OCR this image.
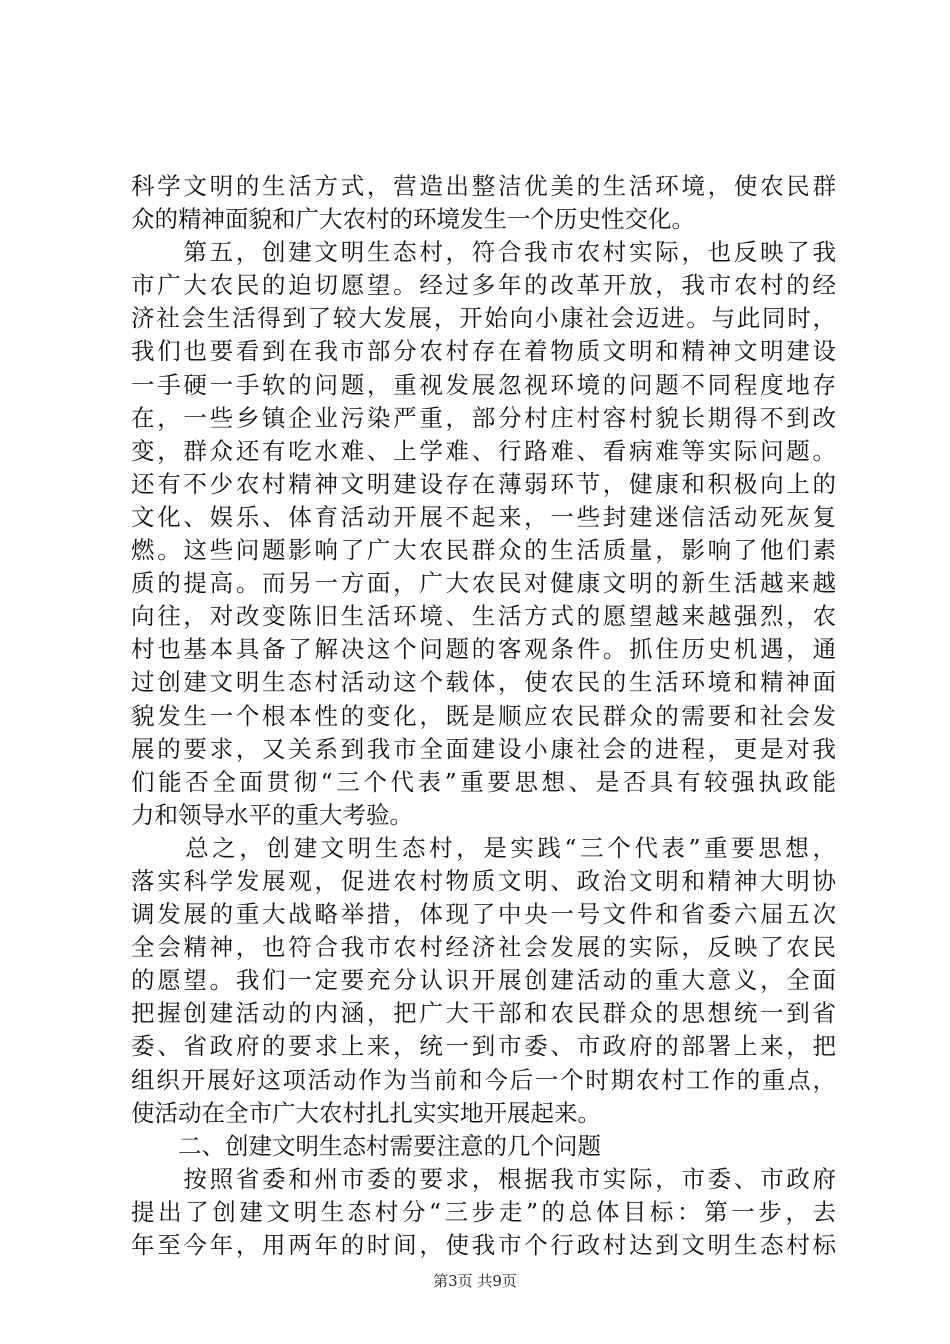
科学文明的生活方式，营造出整洁优美的生活环境，使农民群
众的精神面貌和广大农村的环境发生一个历史性交化。
　　第五，创建文明生态村，符合我市农村实际，也反映了我
市广大农民的迫切愿望。经过多年的改革开放，我市农村的经
济社会生活得到了较大发展，开始向小康社会迈进。与此同时，
我们也要看到在我市部分农村存在着物质文明和精神文明建设
一手硬一手软的问题，重视发展忽视环境的问题不同程度地存
在，一些乡镇企业污染严重，部分村庄村容村貌长期得不到改
变，群众还有吃水难、上学难、行路难、看病难等实际问题。
还有不少农村精神文明建设存在薄弱环节，健康和积极向上的
文化、娱乐、体育活动开展不起来，一些封建迷信活动死灰复
燃。这些问题影响了广大农民群众的生活质量，影响了他们素
质的提高。而另一方面，广大农民对健康文明的新生活越来越
向往，对改变陈旧生活环境、生活方式的愿望越来越强烈，农
村也基本具备了解决这个问题的客观条件。抓住历史机遇，通
过创建文明生态村活动这个载体，使农民的生活环境和精神面
貌发生一个根本性的变化，既是顺应农民群众的需要和社会发
展的要求，又关系到我市全面建设小康社会的进程，更是对我
们能否全面贯彻“三个代表”重要思想、是否具有较强执政能
力和领导水平的重大考验。
　　总之，创建文明生态村，是实践“三个代表”重要思想，
落实科学发展观，促进农村物质文明、政治文明和精神大明协
调发展的重大战略举措，体现了中央一号文件和省委六届五次
全会精神，也符合我市农村经济社会发展的实际，反映了农民
的愿望。我们一定要充分认识开展创建活动的重大意义，全面
把握创建活动的内涵，把广大干部和农民群众的思想统一到省
委、省政府的要求上来，统一到市委、市政府的部署上来，把
组织开展好这项活动作为当前和今后一个时期农村工作的重点，
使活动在全市广大农村扎扎实实地开展起来。
　　二、创建文明生态村需要注意的几个问题
　　按照省委和州市委的要求，根据我市实际，市委、市政府
提出了创建文明生态村分“三步走”的总体目标：第一步，去
年至今年，用两年的时间，使我市个行政村达到文明生态村标
第3页 共9页
